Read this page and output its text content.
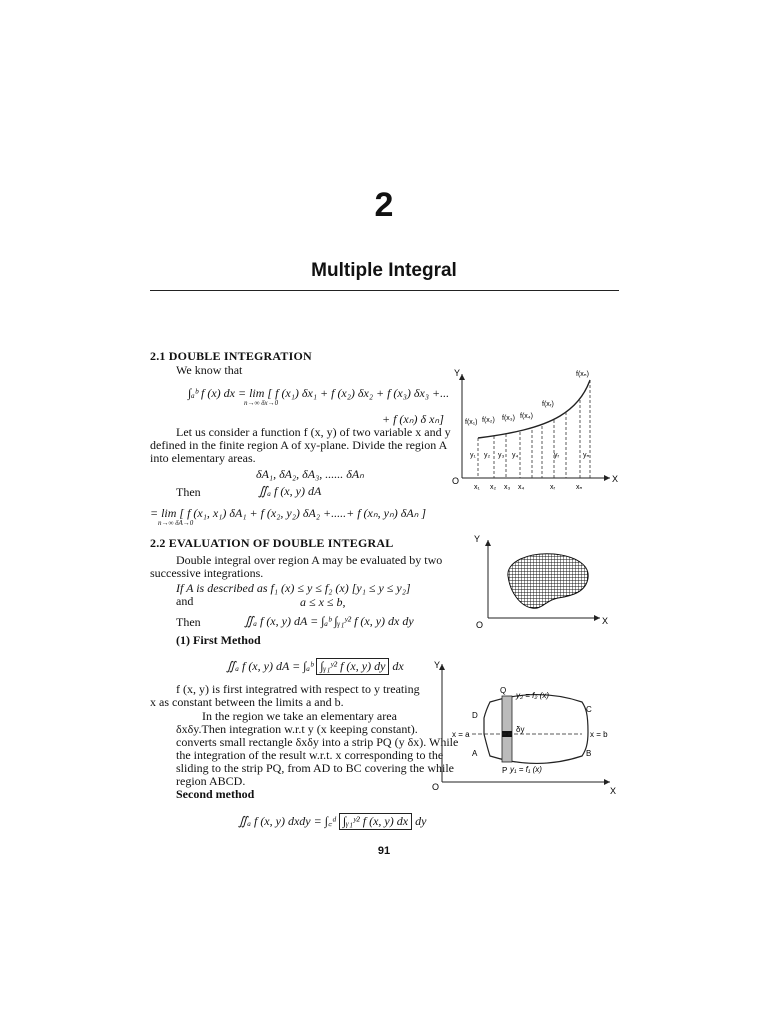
2
Multiple Integral
2.1 DOUBLE INTEGRATION
We know that
∫ₐᵇ f (x) dx = lim [ f (x₁) δx₁ + f (x₂) δx₂ + f (x₃) δx₃ +...
n→∞ δx→0
+ f (xₙ) δ xₙ]
Let us consider a function f (x, y) of two variable x and y
defined in the finite region A of xy-plane. Divide the region A
into elementary areas.
δA₁, δA₂, δA₃, ...... δAₙ
Then	∬ₐ f (x, y) dA
= lim [ f (x₁, x₁) δA₁ + f (x₂, y₂) δA₂ +.....+ f (xₙ, yₙ) δAₙ ]
n→∞ δA→0
2.2 EVALUATION OF DOUBLE INTEGRAL
Double integral over region A may be evaluated by two
successive integrations.
If A is described as f₁ (x) ≤ y ≤ f₂ (x) [y₁ ≤ y ≤ y₂]
and	a ≤ x ≤ b,
Then	∬ₐ f (x, y) dA = ∫ₐᵇ ∫ᵧ₁ʸ² f (x, y) dx dy
(1) First Method
∬ₐ f (x, y) dA = ∫ₐᵇ ∫ᵧ₁ʸ² f (x, y) dy dx
f (x, y) is first integratred with respect to y treating
x as constant between the limits a and b.
In the region we take an elementary area
δxδy.Then integration w.r.t y (x keeping constant).
converts small rectangle δxδy into a strip PQ (y δx). While
the integration of the result w.r.t. x corresponding to the
sliding to the strip PQ, from AD to BC covering the while
region ABCD.
Second method
∬ₐ f (x, y) dxdy = ∫꜀ᵈ ∫ᵧ₁ʸ² f (x, y) dx dy
Y
X
O
f(x₁) f(x₂) f(x₃) f(x₄)
f(xᵣ)
f(xₙ)
y₁ y₂ y₃ y₄	yᵣ	yₙ
x₁ x₂ x₃ x₄	xᵣ	xₙ
Y
X
O
Y
X
O
y₂ = f₂ (x)
y₁ = f₁ (x)
δy
x = a	x = b
Q
D
C
A
P
B
91
